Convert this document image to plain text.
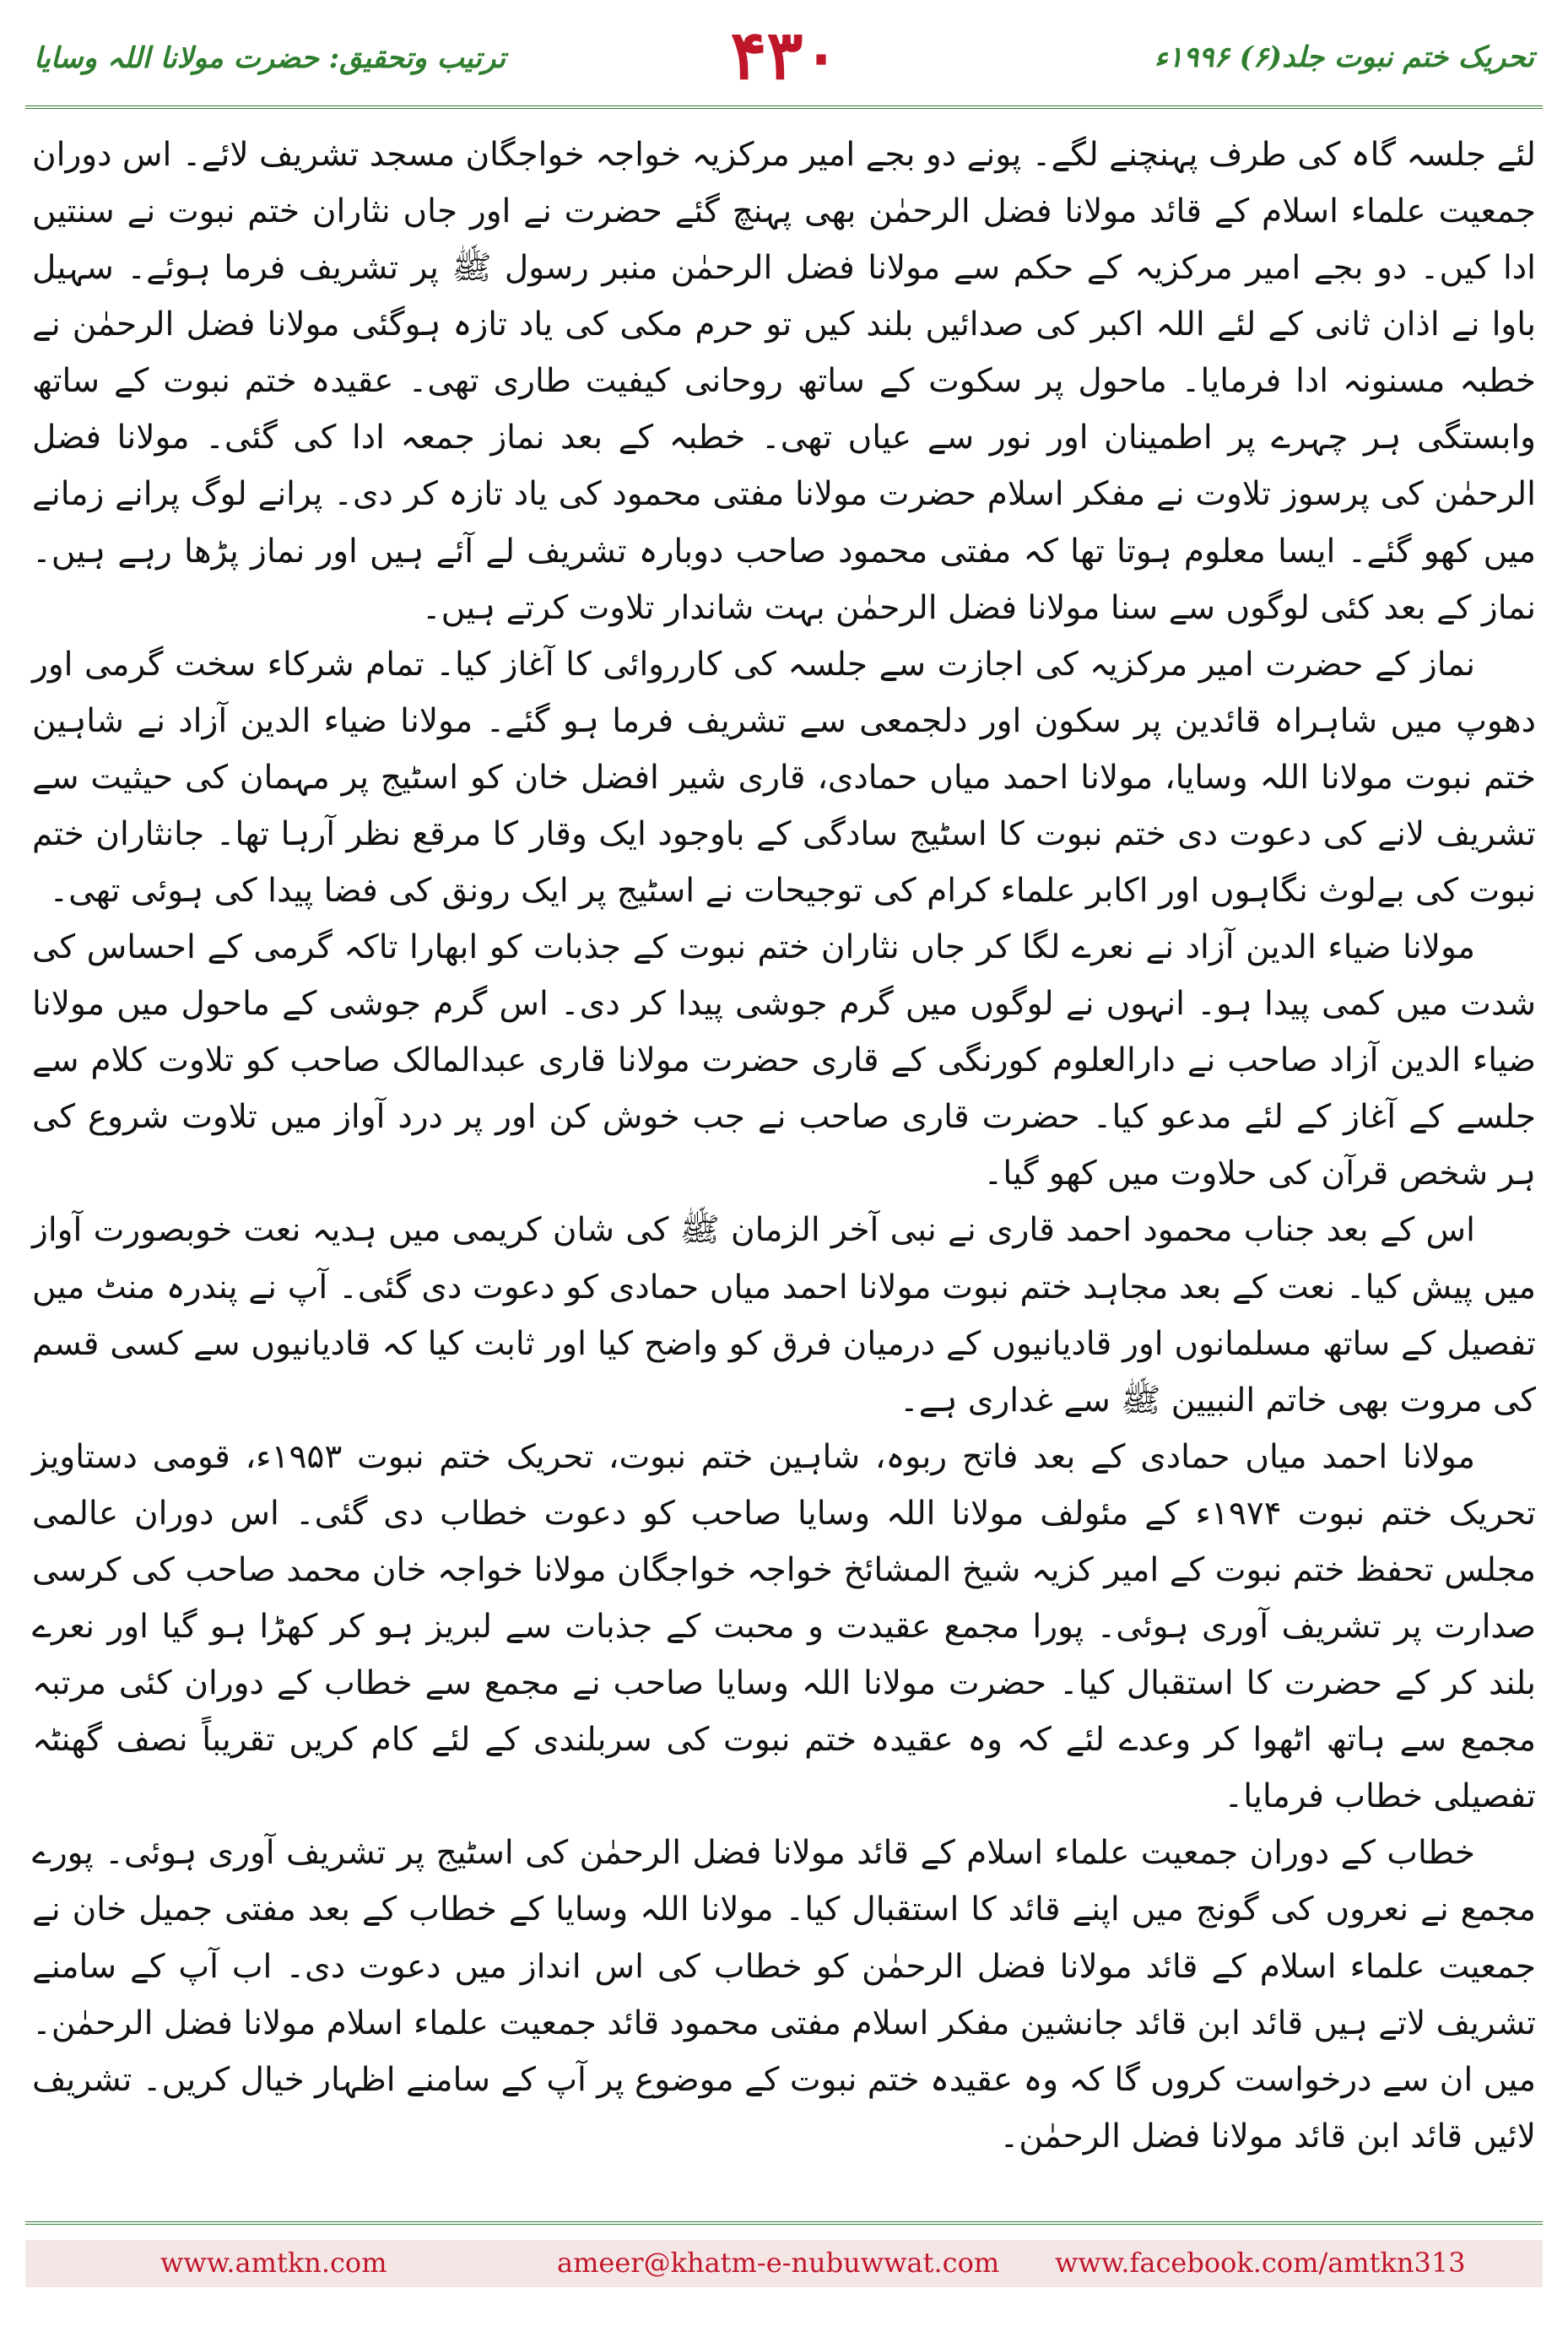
ترتیب وتحقیق: حضرت مولانا اللہ وسایا	۴۳۰	تحریک ختم نبوت جلد(۶) ۱۹۹۶ء

لئے جلسہ گاہ کی طرف پہنچنے لگے۔ پونے دو بجے امیر مرکزیہ خواجہ خواجگان مسجد تشریف لائے۔ اس دوران جمعیت علماء اسلام کے قائد مولانا فضل الرحمٰن بھی پہنچ گئے حضرت نے اور جاں نثاران ختم نبوت نے سنتیں ادا کیں۔ دو بجے امیر مرکزیہ کے حکم سے مولانا فضل الرحمٰن منبر رسول ﷺ پر تشریف فرما ہوئے۔ سہیل باوا نے اذان ثانی کے لئے اللہ اکبر کی صدائیں بلند کیں تو حرم مکی کی یاد تازہ ہوگئی مولانا فضل الرحمٰن نے خطبہ مسنونہ ادا فرمایا۔ ماحول پر سکوت کے ساتھ روحانی کیفیت طاری تھی۔ عقیدہ ختم نبوت کے ساتھ وابستگی ہر چہرے پر اطمینان اور نور سے عیاں تھی۔ خطبہ کے بعد نماز جمعہ ادا کی گئی۔ مولانا فضل الرحمٰن کی پرسوز تلاوت نے مفکر اسلام حضرت مولانا مفتی محمود کی یاد تازہ کر دی۔ پرانے لوگ پرانے زمانے میں کھو گئے۔ ایسا معلوم ہوتا تھا کہ مفتی محمود صاحب دوبارہ تشریف لے آئے ہیں اور نماز پڑھا رہے ہیں۔ نماز کے بعد کئی لوگوں سے سنا مولانا فضل الرحمٰن بہت شاندار تلاوت کرتے ہیں۔

نماز کے حضرت امیر مرکزیہ کی اجازت سے جلسہ کی کارروائی کا آغاز کیا۔ تمام شرکاء سخت گرمی اور دھوپ میں شاہراہ قائدین پر سکون اور دلجمعی سے تشریف فرما ہو گئے۔ مولانا ضیاء الدین آزاد نے شاہین ختم نبوت مولانا اللہ وسایا، مولانا احمد میاں حمادی، قاری شیر افضل خان کو اسٹیج پر مہمان کی حیثیت سے تشریف لانے کی دعوت دی ختم نبوت کا اسٹیج سادگی کے باوجود ایک وقار کا مرقع نظر آرہا تھا۔ جانثاران ختم نبوت کی بےلوث نگاہوں اور اکابر علماء کرام کی توجیحات نے اسٹیج پر ایک رونق کی فضا پیدا کی ہوئی تھی۔

مولانا ضیاء الدین آزاد نے نعرے لگا کر جاں نثاران ختم نبوت کے جذبات کو ابھارا تاکہ گرمی کے احساس کی شدت میں کمی پیدا ہو۔ انہوں نے لوگوں میں گرم جوشی پیدا کر دی۔ اس گرم جوشی کے ماحول میں مولانا ضیاء الدین آزاد صاحب نے دارالعلوم کورنگی کے قاری حضرت مولانا قاری عبدالمالک صاحب کو تلاوت کلام سے جلسے کے آغاز کے لئے مدعو کیا۔ حضرت قاری صاحب نے جب خوش کن اور پر درد آواز میں تلاوت شروع کی ہر شخص قرآن کی حلاوت میں کھو گیا۔

اس کے بعد جناب محمود احمد قاری نے نبی آخر الزمان ﷺ کی شان کریمی میں ہدیہ نعت خوبصورت آواز میں پیش کیا۔ نعت کے بعد مجاہد ختم نبوت مولانا احمد میاں حمادی کو دعوت دی گئی۔ آپ نے پندرہ منٹ میں تفصیل کے ساتھ مسلمانوں اور قادیانیوں کے درمیان فرق کو واضح کیا اور ثابت کیا کہ قادیانیوں سے کسی قسم کی مروت بھی خاتم النبیین ﷺ سے غداری ہے۔

مولانا احمد میاں حمادی کے بعد فاتح ربوہ، شاہین ختم نبوت، تحریک ختم نبوت ۱۹۵۳ء، قومی دستاویز تحریک ختم نبوت ۱۹۷۴ء کے مئولف مولانا اللہ وسایا صاحب کو دعوت خطاب دی گئی۔ اس دوران عالمی مجلس تحفظ ختم نبوت کے امیر کزیہ شیخ المشائخ خواجہ خواجگان مولانا خواجہ خان محمد صاحب کی کرسی صدارت پر تشریف آوری ہوئی۔ پورا مجمع عقیدت و محبت کے جذبات سے لبریز ہو کر کھڑا ہو گیا اور نعرے بلند کر کے حضرت کا استقبال کیا۔ حضرت مولانا اللہ وسایا صاحب نے مجمع سے خطاب کے دوران کئی مرتبہ مجمع سے ہاتھ اٹھوا کر وعدے لئے کہ وہ عقیدہ ختم نبوت کی سربلندی کے لئے کام کریں تقریباً نصف گھنٹہ تفصیلی خطاب فرمایا۔

خطاب کے دوران جمعیت علماء اسلام کے قائد مولانا فضل الرحمٰن کی اسٹیج پر تشریف آوری ہوئی۔ پورے مجمع نے نعروں کی گونج میں اپنے قائد کا استقبال کیا۔ مولانا اللہ وسایا کے خطاب کے بعد مفتی جمیل خان نے جمعیت علماء اسلام کے قائد مولانا فضل الرحمٰن کو خطاب کی اس انداز میں دعوت دی۔ اب آپ کے سامنے تشریف لاتے ہیں قائد ابن قائد جانشین مفکر اسلام مفتی محمود قائد جمعیت علماء اسلام مولانا فضل الرحمٰن۔ میں ان سے درخواست کروں گا کہ وہ عقیدہ ختم نبوت کے موضوع پر آپ کے سامنے اظہار خیال کریں۔ تشریف لائیں قائد ابن قائد مولانا فضل الرحمٰن۔

www.amtkn.com	ameer@khatm-e-nubuwwat.com www.facebook.com/amtkn313
